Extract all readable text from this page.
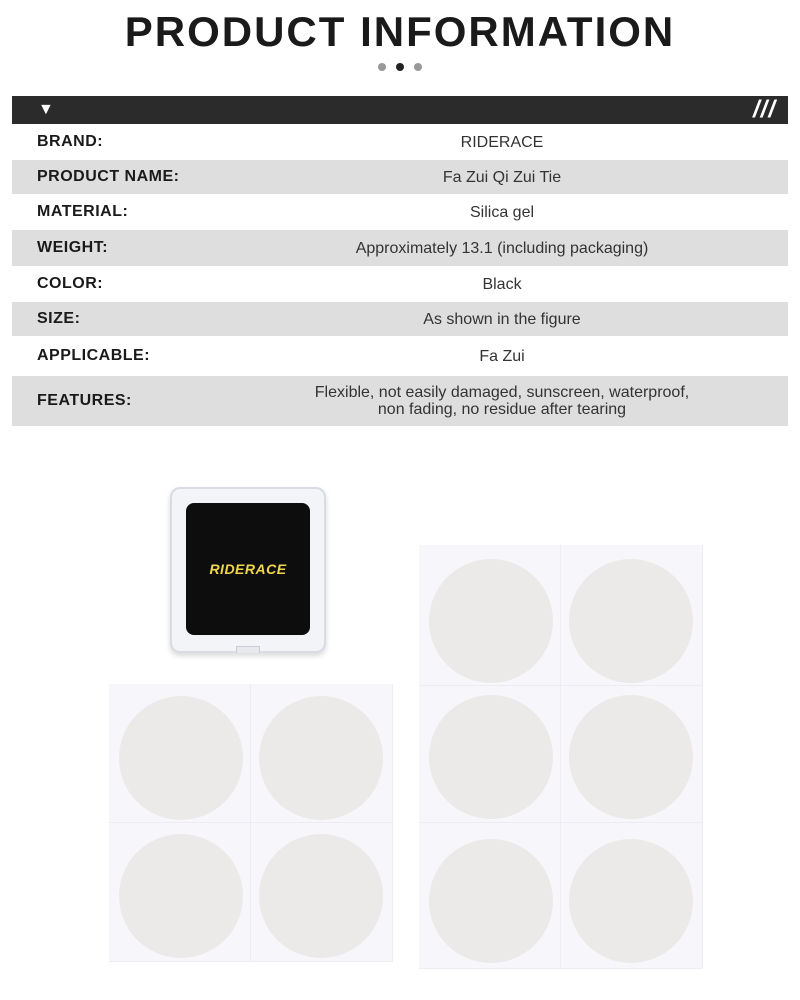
PRODUCT INFORMATION

▼	///
BRAND:	RIDERACE
PRODUCT NAME:	Fa Zui Qi Zui Tie
MATERIAL:	Silica gel
WEIGHT:	Approximately 13.1 (including packaging)
COLOR:	Black
SIZE:	As shown in the figure
APPLICABLE:	Fa Zui
FEATURES:	Flexible, not easily damaged, sunscreen, waterproof,
non fading, no residue after tearing
RIDERACE
